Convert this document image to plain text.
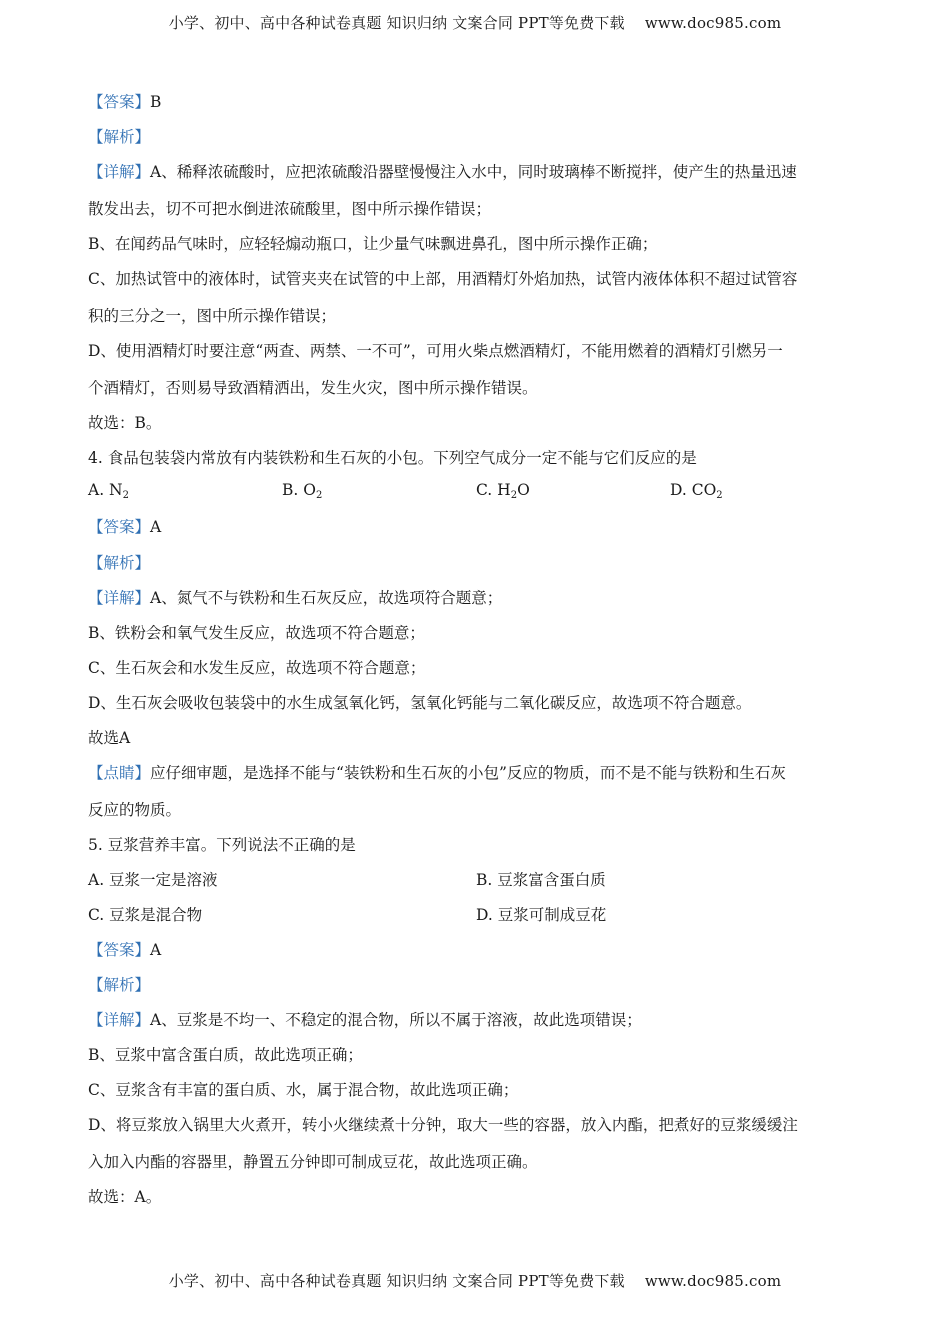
小学、初中、高中各种试卷真题 知识归纳 文案合同 PPT等免费下载 www.doc985.com
【答案】B
【解析】
【详解】A、稀释浓硫酸时，应把浓硫酸沿器壁慢慢注入水中，同时玻璃棒不断搅拌，使产生的热量迅速
散发出去，切不可把水倒进浓硫酸里，图中所示操作错误；
B、在闻药品气味时，应轻轻煽动瓶口，让少量气味飘进鼻孔，图中所示操作正确；
C、加热试管中的液体时，试管夹夹在试管的中上部，用酒精灯外焰加热，试管内液体体积不超过试管容
积的三分之一，图中所示操作错误；
D、使用酒精灯时要注意“两查、两禁、一不可”，可用火柴点燃酒精灯，不能用燃着的酒精灯引燃另一
个酒精灯，否则易导致酒精洒出，发生火灾，图中所示操作错误。
故选：B。
4. 食品包装袋内常放有内装铁粉和生石灰的小包。下列空气成分一定不能与它们反应的是
A. $N_2$	B. $O_2$	C. $H_2O$	D. $CO_2$
【答案】A
【解析】
【详解】A、氮气不与铁粉和生石灰反应，故选项符合题意；
B、铁粉会和氧气发生反应，故选项不符合题意；
C、生石灰会和水发生反应，故选项不符合题意；
D、生石灰会吸收包装袋中的水生成氢氧化钙，氢氧化钙能与二氧化碳反应，故选项不符合题意。
故选A
【点睛】应仔细审题，是选择不能与“装铁粉和生石灰的小包”反应的物质，而不是不能与铁粉和生石灰
反应的物质。
5. 豆浆营养丰富。下列说法不正确的是
A. 豆浆一定是溶液	B. 豆浆富含蛋白质
C. 豆浆是混合物	D. 豆浆可制成豆花
【答案】A
【解析】
【详解】A、豆浆是不均一、不稳定的混合物，所以不属于溶液，故此选项错误；
B、豆浆中富含蛋白质，故此选项正确；
C、豆浆含有丰富的蛋白质、水，属于混合物，故此选项正确；
D、将豆浆放入锅里大火煮开，转小火继续煮十分钟，取大一些的容器，放入内酯，把煮好的豆浆缓缓注
入加入内酯的容器里，静置五分钟即可制成豆花，故此选项正确。
故选：A。
小学、初中、高中各种试卷真题 知识归纳 文案合同 PPT等免费下载 www.doc985.com
